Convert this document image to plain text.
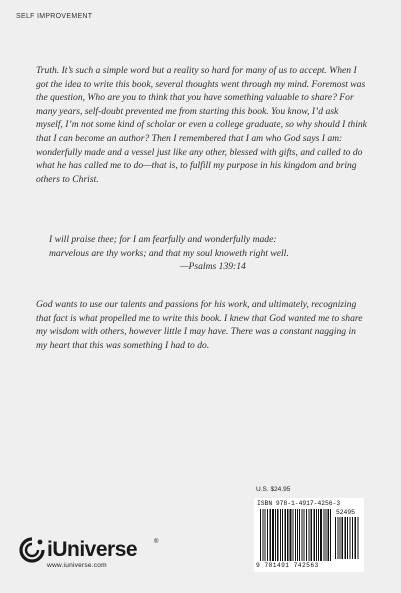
SELF IMPROVEMENT

Truth. It’s such a simple word but a reality so hard for many of us to accept. When I got the idea to write this book, several thoughts went through my mind. Foremost was the question, Who are you to think that you have something valuable to share? For many years, self-doubt prevented me from starting this book. You know, I’d ask myself, I’m not some kind of scholar or even a college graduate, so why should I think that I can become an author? Then I remembered that I am who God says I am: wonderfully made and a vessel just like any other, blessed with gifts, and called to do what he has called me to do—that is, to fulfill my purpose in his kingdom and bring others to Christ.

I will praise thee; for I am fearfully and wonderfully made:
marvelous are thy works; and that my soul knoweth right well.
—Psalms 139:14

God wants to use our talents and passions for his work, and ultimately, recognizing that fact is what propelled me to write this book. I knew that God wanted me to share my wisdom with others, however little I may have. There was a constant nagging in my heart that this was something I had to do.

U.S. $24.95
ISBN 978-1-4917-4256-3
52495
9 781491 742563
iUniverse	®
www.iuniverse.com
